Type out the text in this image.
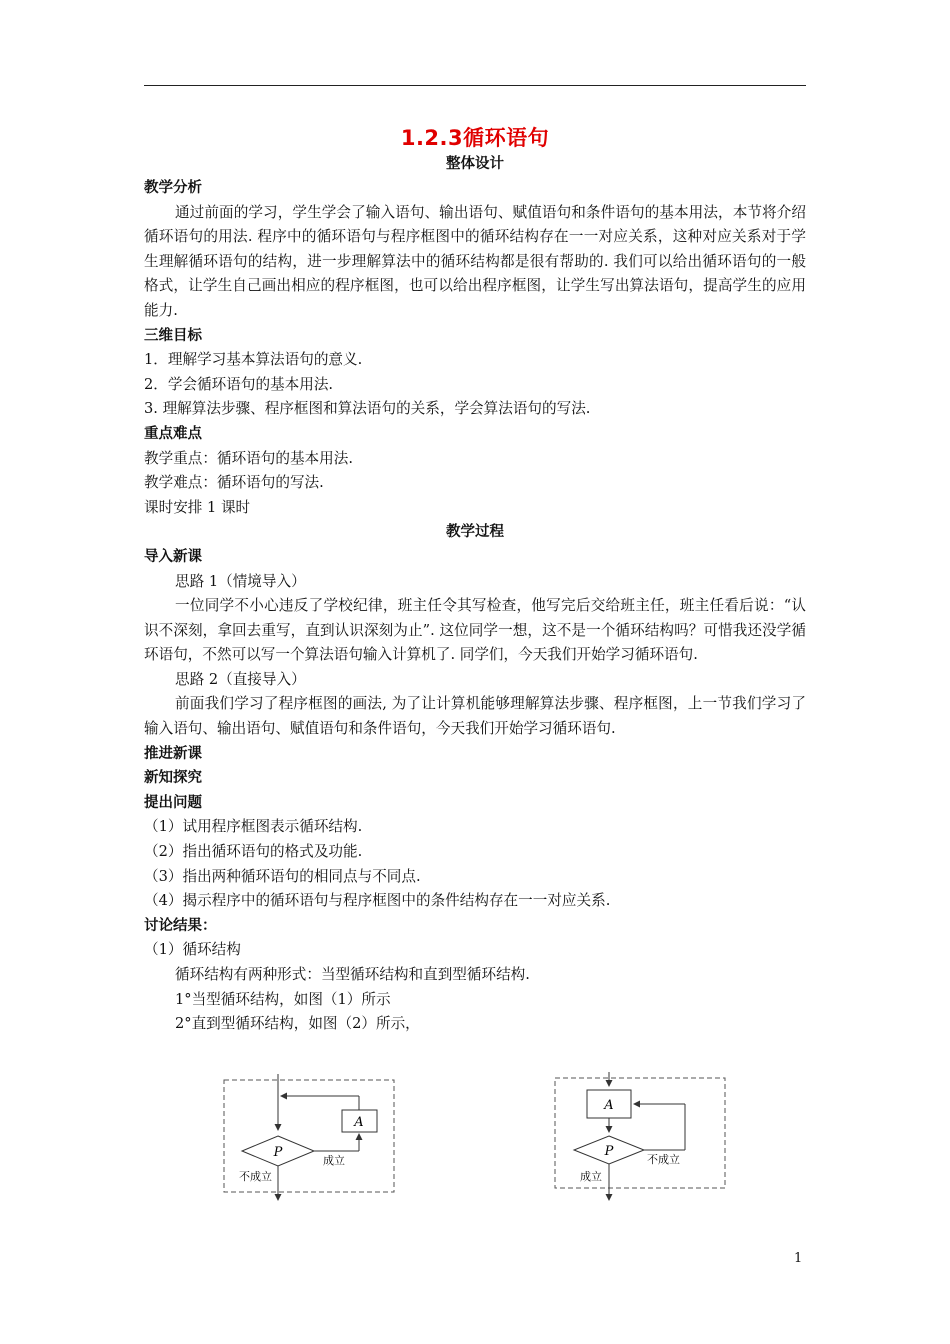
1.2.3循环语句
整体设计

教学分析

通过前面的学习，学生学会了输入语句、输出语句、赋值语句和条件语句的基本用法，本节将介绍循环语句的用法. 程序中的循环语句与程序框图中的循环结构存在一一对应关系，这种对应关系对于学生理解循环语句的结构，进一步理解算法中的循环结构都是很有帮助的. 我们可以给出循环语句的一般格式，让学生自己画出相应的程序框图，也可以给出程序框图，让学生写出算法语句，提高学生的应用能力.

三维目标

1．理解学习基本算法语句的意义.

2．学会循环语句的基本用法.

3. 理解算法步骤、程序框图和算法语句的关系，学会算法语句的写法.

重点难点

教学重点：循环语句的基本用法.

教学难点：循环语句的写法.

课时安排 1 课时

教学过程

导入新课

思路 1（情境导入）

一位同学不小心违反了学校纪律，班主任令其写检查，他写完后交给班主任，班主任看后说：“认识不深刻，拿回去重写，直到认识深刻为止”. 这位同学一想，这不是一个循环结构吗？可惜我还没学循环语句，不然可以写一个算法语句输入计算机了. 同学们，今天我们开始学习循环语句.

思路 2（直接导入）

前面我们学习了程序框图的画法, 为了让计算机能够理解算法步骤、程序框图，上一节我们学习了输入语句、输出语句、赋值语句和条件语句，今天我们开始学习循环语句.

推进新课

新知探究

提出问题

（1）试用程序框图表示循环结构.

（2）指出循环语句的格式及功能.

（3）指出两种循环语句的相同点与不同点.

（4）揭示程序中的循环语句与程序框图中的条件结构存在一一对应关系.

讨论结果：

（1）循环结构

循环结构有两种形式：当型循环结构和直到型循环结构.

1°当型循环结构，如图（1）所示

2°直到型循环结构，如图（2）所示，

P
A
成立
不成立
A
P
不成立
成立
1
